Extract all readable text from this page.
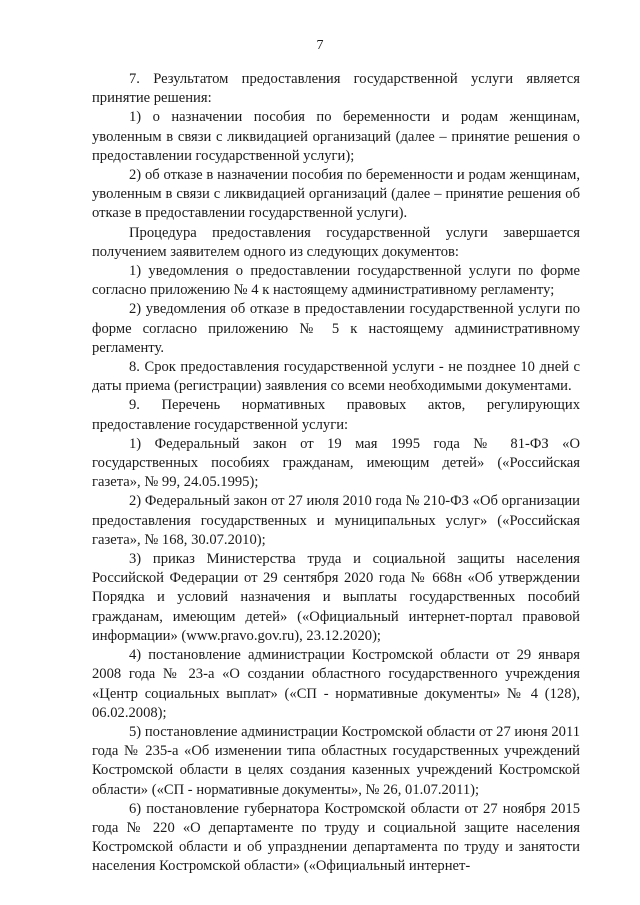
7

7. Результатом предоставления государственной услуги является принятие решения:

1) о назначении пособия по беременности и родам женщинам, уволенным в связи с ликвидацией организаций (далее – принятие решения о предоставлении государственной услуги);

2) об отказе в назначении пособия по беременности и родам женщинам, уволенным в связи с ликвидацией организаций (далее – принятие решения об отказе в предоставлении государственной услуги).

Процедура предоставления государственной услуги завершается получением заявителем одного из следующих документов:

1) уведомления о предоставлении государственной услуги по форме согласно приложению № 4 к настоящему административному регламенту;

2) уведомления об отказе в предоставлении государственной услуги по форме согласно приложению № 5 к настоящему административному регламенту.

8. Срок предоставления государственной услуги - не позднее 10 дней с даты приема (регистрации) заявления со всеми необходимыми документами.

9. Перечень нормативных правовых актов, регулирующих предоставление государственной услуги:

1) Федеральный закон от 19 мая 1995 года № 81-ФЗ «О государственных пособиях гражданам, имеющим детей» («Российская газета», № 99, 24.05.1995);

2) Федеральный закон от 27 июля 2010 года № 210-ФЗ «Об организации предоставления государственных и муниципальных услуг» («Российская газета», № 168, 30.07.2010);

3) приказ Министерства труда и социальной защиты населения Российской Федерации от 29 сентября 2020 года № 668н «Об утверждении Порядка и условий назначения и выплаты государственных пособий гражданам, имеющим детей» («Официальный интернет-портал правовой информации» (www.pravo.gov.ru), 23.12.2020);

4) постановление администрации Костромской области от 29 января 2008 года № 23-а «О создании областного государственного учреждения «Центр социальных выплат» («СП - нормативные документы» № 4 (128), 06.02.2008);

5) постановление администрации Костромской области от 27 июня 2011 года № 235-а «Об изменении типа областных государственных учреждений Костромской области в целях создания казенных учреждений Костромской области» («СП - нормативные документы», № 26, 01.07.2011);

6) постановление губернатора Костромской области от 27 ноября 2015 года № 220 «О департаменте по труду и социальной защите населения Костромской области и об упразднении департамента по труду и занятости населения Костромской области» («Официальный интернет-
